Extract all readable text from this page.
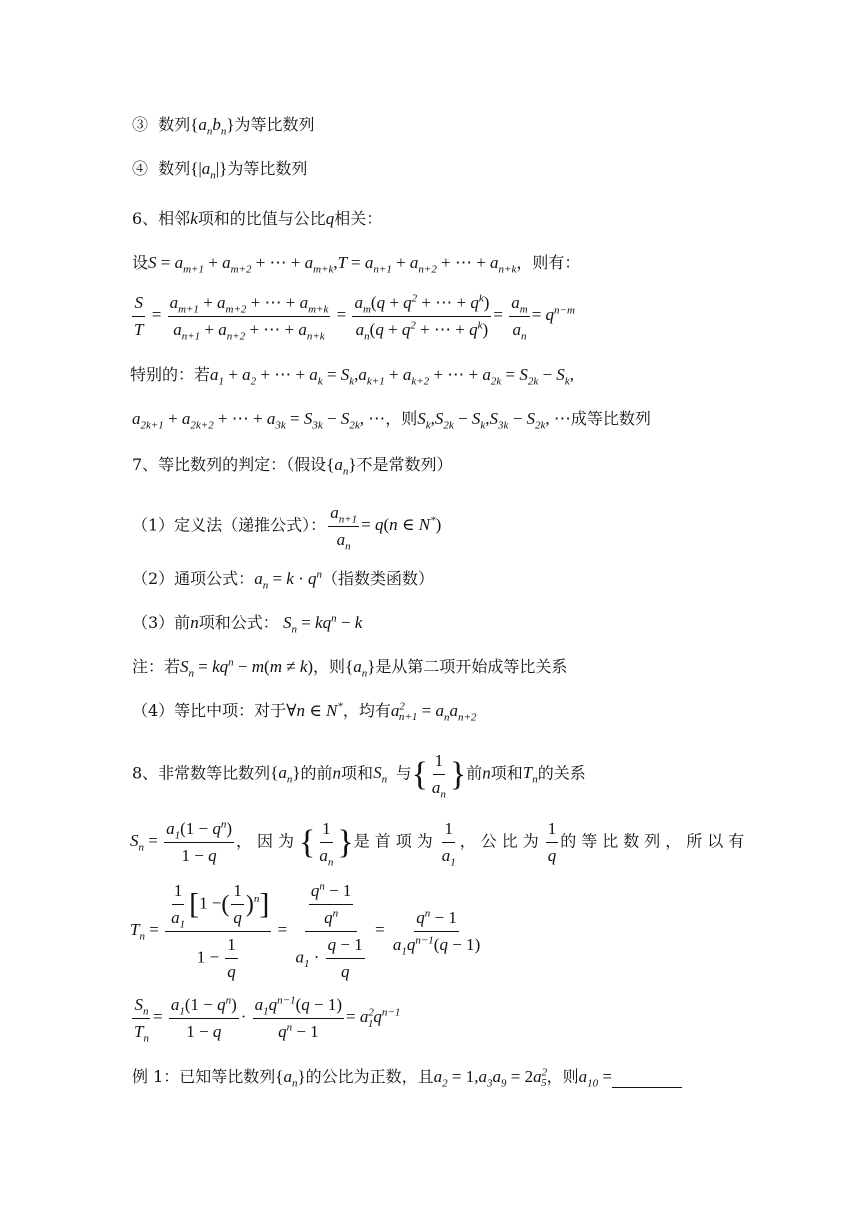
③  数列$\{a_nb_n\}$为等比数列
④  数列$\{|a_n|\}$为等比数列
6、相邻k项和的比值与公比q相关：
设$S = a_{m+1} + a_{m+2}$ + ⋯ + $a_{m+k},T = a_{n+1} + a_{n+2}$ + ⋯ + $a_{n+k}$，则有：
$\frac{S}{T} = \frac{a_{m+1} + a_{m+2} + \cdots + a_{m+k}}{a_{n+1} + a_{n+2} + \cdots + a_{n+k}} = \frac{a_m(q + q^2 + \cdots + q^k)}{a_n(q + q^2 + \cdots + q^k)} = \frac{a_m}{a_n} = q^{n-m}$
特别的：若$a_1 + a_2$ + ⋯ + $a_k = S_k,a_{k+1} + a_{k+2}$ + ⋯ + $a_{2k} = S_{2k} - S_k$,
$a_{2k+1} + a_{2k+2}$ + ⋯ + $a_{3k} = S_{3k} - S_{2k}$, ⋯，则$S_k,S_{2k} - S_k,S_{3k} - S_{2k}$, ⋯成等比数列
7、等比数列的判定：（假设$\{a_n\}$不是常数列）
（1）定义法（递推公式）： $\frac{a_{n+1}}{a_n} = q(n$ ∈ N*)
（2）通项公式：$a_n = k \cdot q^n$（指数类函数）
（3）前n项和公式： $S_n = kq^n - k$
注：若$S_n = kq^n - m(m \ne k)$，则$\{a_n\}$是从第二项开始成等比关系
（4）等比中项：对于∀n ∈ N*，均有$a^2_{n+1} = a_na_{n+2}$
8、非常数等比数列$\{a_n\}$的前n项和$S_n$ 与{ $\frac{1}{a_n}$ }前n项和$T_n$的关系
$S_n = \frac{a_1(1 - q^n)}{1 - q}$ ，因为{ $\frac{1}{a_n}$ }是首项为 $\frac{1}{a_1}$ ，公比为 $\frac{1}{q}$ 的等比数列，所以有
$T_n = \frac{\frac{1}{a_1} [1 -( \frac{1}{q} )^n]}{1 - \frac{1}{q}} = \frac{\frac{q^n - 1}{q^n}}{a_1 \cdot \frac{q - 1}{q}} = \frac{q^n - 1}{a_1q^{n-1}(q - 1)}$
$\frac{S_n}{T_n} = \frac{a_1(1 - q^n)}{1 - q} \cdot \frac{a_1q^{n-1}(q - 1)}{q^n - 1} = a^2_1q^{n-1}$
例 1：已知等比数列$\{a_n\}$的公比为正数，且$a_2 = 1,a_3a_9 = 2a^2_5$，则$a_{10}$ =
